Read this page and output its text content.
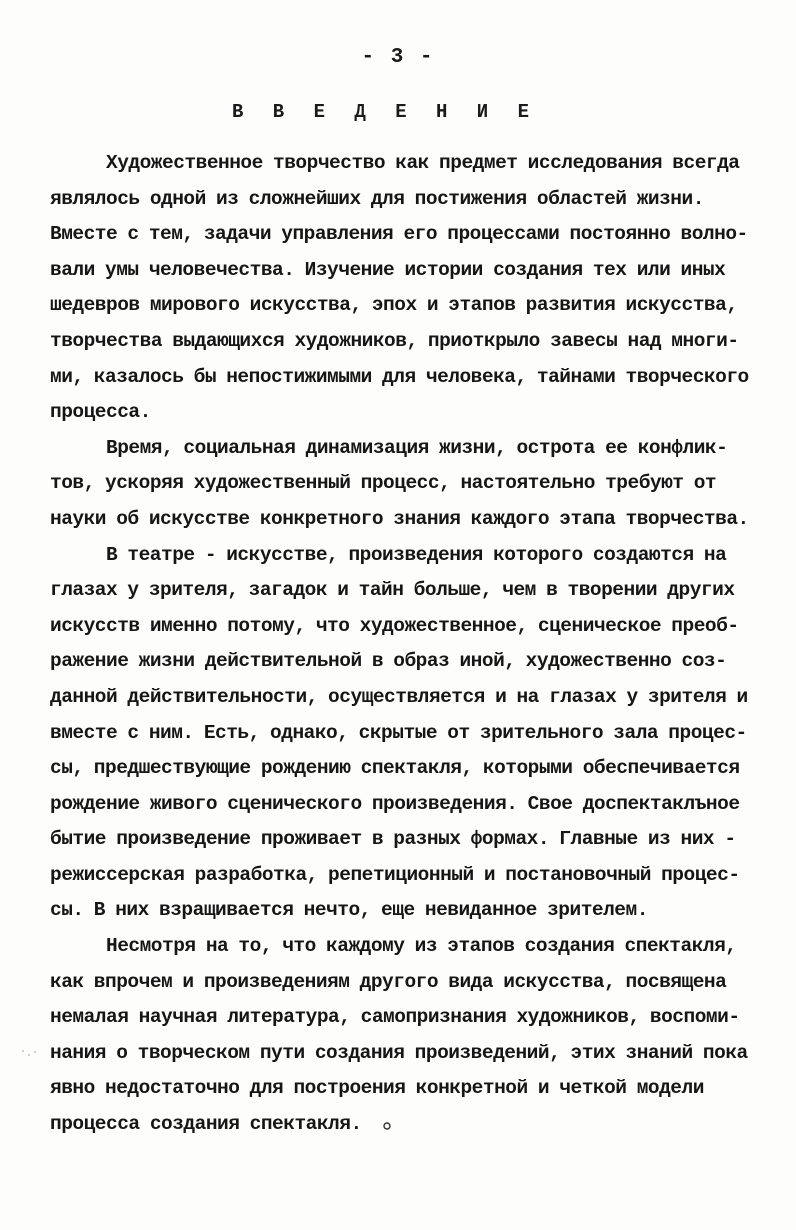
- 3 -
В В Е Д Е Н И Е
Художественное творчество как предмет исследования всегда
являлось одной из сложнейших для постижения областей жизни.
Вместе с тем, задачи управления его процессами постоянно волно-
вали умы человечества. Изучение истории создания тех или иных
шедевров мирового искусства, эпох и этапов развития искусства,
творчества выдающихся художников, приоткрыло завесы над многи-
ми, казалось бы непостижимыми для человека, тайнами творческого
процесса.
Время, социальная динамизация жизни, острота ее конфлик-
тов, ускоряя художественный процесс, настоятельно требуют от
науки об искусстве конкретного знания каждого этапа творчества.
В театре - искусстве, произведения которого создаются на
глазах у зрителя, загадок и тайн больше, чем в творении других
искусств именно потому, что художественное, сценическое преоб-
ражение жизни действительной в образ иной, художественно соз-
данной действительности, осуществляется и на глазах у зрителя и
вместе с ним. Есть, однако, скрытые от зрительного зала процес-
сы, предшествующие рождению спектакля, которыми обеспечивается
рождение живого сценического произведения. Свое доспектаклъное
бытие произведение проживает в разных формах. Главные из них -
режиссерская разработка, репетиционный и постановочный процес-
сы. В них взращивается нечто, еще невиданное зрителем.
Несмотря на то, что каждому из этапов создания спектакля,
как впрочем и произведениям другого вида искусства, посвящена
немалая научная литература, самопризнания художников, воспоми-
нания о творческом пути создания произведений, этих знаний пока
явно недостаточно для построения конкретной и четкой модели
процесса создания спектакля.
